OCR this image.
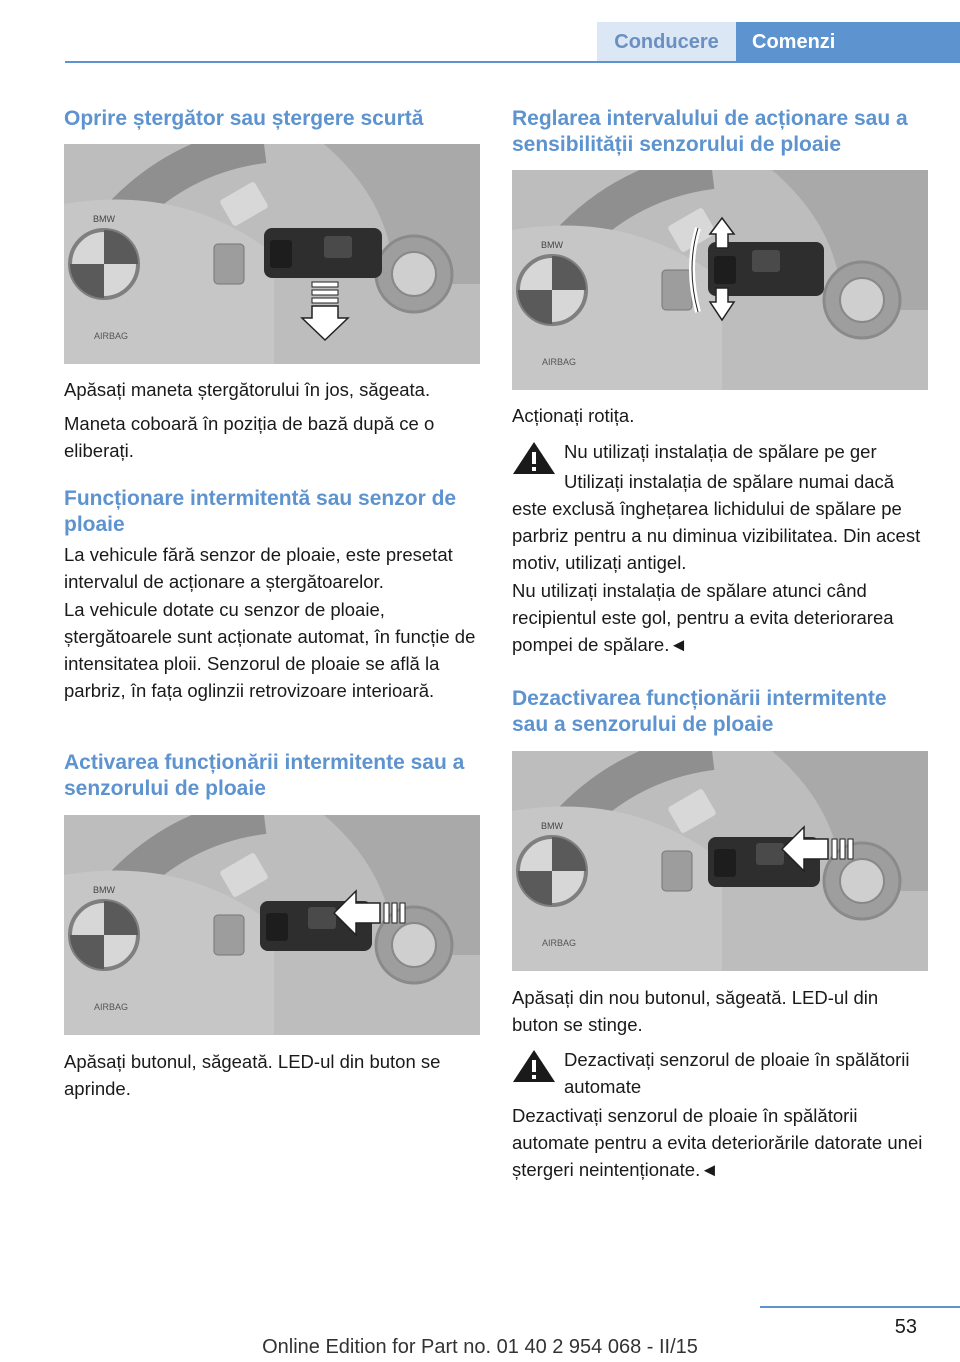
Conducere	Comenzi
Oprire ștergător sau ștergere scurtă
BMW
AIRBAG

Apăsați maneta ștergătorului în jos, săgeata.

Maneta coboară în poziția de bază după ce o eliberați.

Funcționare intermitentă sau senzor de ploaie

La vehicule fără senzor de ploaie, este presetat intervalul de acționare a ștergătoarelor.

La vehicule dotate cu senzor de ploaie, ștergătoarele sunt acționate automat, în funcție de intensitatea ploii. Senzorul de ploaie se află la parbriz, în fața oglinzii retrovizoare interioară.

Activarea funcționării intermitente sau a senzorului de ploaie
BMW
AIRBAG

Apăsați butonul, săgeată. LED-ul din buton se aprinde.

Reglarea intervalului de acționare sau a sensibilității senzorului de ploaie
BMW
AIRBAG

Acționați rotița.

Nu utilizați instalația de spălare pe ger
Utilizați instalația de spălare numai dacă este exclusă înghețarea lichidului de spălare pe parbriz pentru a nu diminua vizibilitatea. Din acest motiv, utilizați antigel.

Nu utilizați instalația de spălare atunci când recipientul este gol, pentru a evita deteriorarea pompei de spălare.◄

Dezactivarea funcționării intermitente sau a senzorului de ploaie
BMW
AIRBAG

Apăsați din nou butonul, săgeată. LED-ul din buton se stinge.

Dezactivați senzorul de ploaie în spălătorii automate
Dezactivați senzorul de ploaie în spălătorii automate pentru a evita deteriorările datorate unei ștergeri neintenționate.◄
53
Online Edition for Part no. 01 40 2 954 068 - II/15
